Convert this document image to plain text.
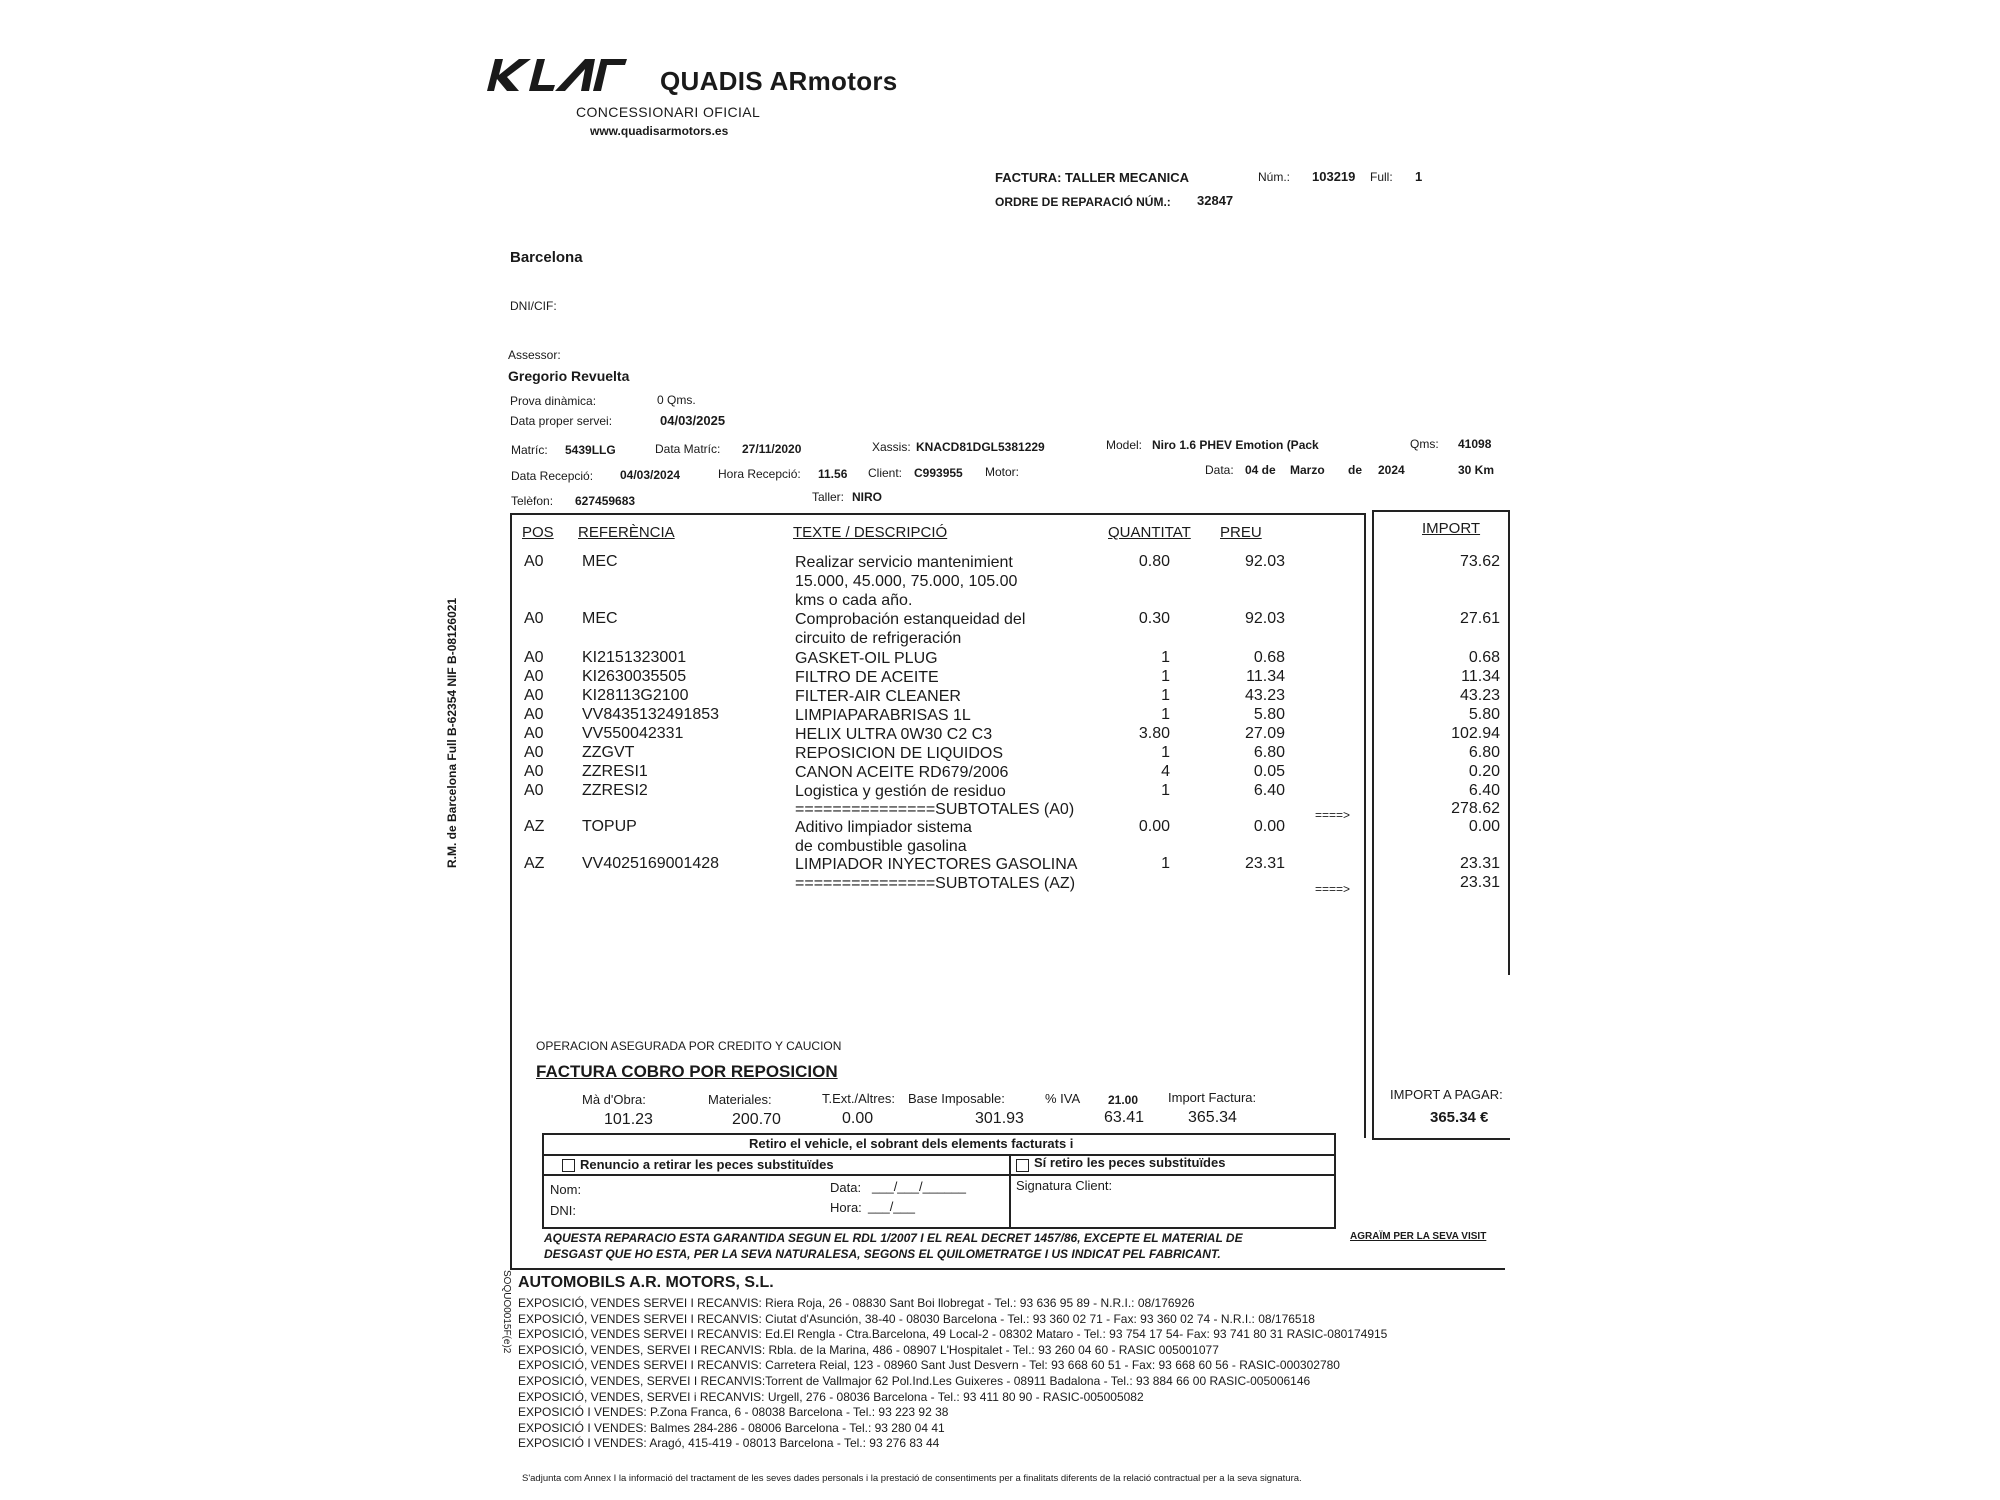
QUADIS ARmotors
CONCESSIONARI OFICIAL
www.quadisarmotors.es
FACTURA: TALLER MECANICA	Núm.: 103219 Full: 1
ORDRE DE REPARACIÓ NÚM.: 32847
Barcelona
DNI/CIF:
Assessor:
Gregorio Revuelta
Prova dinàmica:	0 Qms.
Data proper servei:	04/03/2025
Matríc: 5439LLG	Data Matríc: 27/11/2020	Xassis: KNACD81DGL5381229	Model: Niro 1.6 PHEV Emotion (Pack	Qms: 41098
Data Recepció: 04/03/2024	Hora Recepció: 11.56 Client: C993955 Motor:	Data: 04 de Marzo de 2024	30 Km
Telèfon: 627459683	Taller: NIRO
POS REFERÈNCIA	TEXTE / DESCRIPCIÓ	QUANTITAT PREU	IMPORT
A0 MEC	Realizar servicio mantenimient
15.000, 45.000, 75.000, 105.00
kms o cada año.
0.80	92.03	73.62
A0 MEC	Comprobación estanqueidad del
circuito de refrigeración
0.30	92.03	27.61
A0 KI2151323001	GASKET-OIL PLUG	1	0.68	0.68
A0 KI2630035505	FILTRO DE ACEITE	1	11.34	11.34
A0 KI28113G2100	FILTER-AIR CLEANER	1	43.23	43.23
A0 VV8435132491853	LIMPIAPARABRISAS 1L	1	5.80	5.80
A0 VV550042331	HELIX ULTRA 0W30 C2 C3	3.80	27.09	102.94
A0 ZZGVT	REPOSICION DE LIQUIDOS	1	6.80	6.80
A0 ZZRESI1	CANON ACEITE RD679/2006	4	0.05	0.20
A0 ZZRESI2	Logistica y gestión de residuo	1	6.40	6.40
===============SUBTOTALES (A0)	====>	278.62
AZ TOPUP	Aditivo limpiador sistema
de combustible gasolina
0.00	0.00	0.00
AZ VV4025169001428	LIMPIADOR INYECTORES GASOLINA	1	23.31	23.31
===============SUBTOTALES (AZ)	====>	23.31
OPERACION ASEGURADA POR CREDITO Y CAUCION
FACTURA COBRO POR REPOSICION
Mà d'Obra:
101.23
Materiales:
200.70
T.Ext./Altres:
0.00
Base Imposable:
301.93
% IVA 21.00
63.41
Import Factura:
365.34
IMPORT A PAGAR:
365.34 €
AQUESTA REPARACIO ESTA GARANTIDA SEGUN EL RDL 1/2007 I EL REAL DECRET 1457/86, EXCEPTE EL MATERIAL DE
DESGAST QUE HO ESTA, PER LA SEVA NATURALESA, SEGONS EL QUILOMETRATGE I US INDICAT PEL FABRICANT.
AGRAÏM PER LA SEVA VISIT
Retiro el vehicle, el sobrant dels elements facturats i
Renuncio a retirar les peces substituïdes	Sí retiro les peces substituïdes
Nom:
DNI:
Data: ___/___/______
Hora: ___/___
Signatura Client:
R.M. de Barcelona Full B-62354 NIF B-08126021
SOQUO0015F(e)2 AUTOMOBILS A.R. MOTORS, S.L.
EXPOSICIÓ, VENDES SERVEI I RECANVIS: Riera Roja, 26 - 08830 Sant Boi llobregat - Tel.: 93 636 95 89 - N.R.I.: 08/176926
EXPOSICIÓ, VENDES SERVEI I RECANVIS: Ciutat d'Asunción, 38-40 - 08030 Barcelona - Tel.: 93 360 02 71 - Fax: 93 360 02 74 - N.R.I.: 08/176518
EXPOSICIÓ, VENDES SERVEI I RECANVIS: Ed.El Rengla - Ctra.Barcelona, 49 Local-2 - 08302 Mataro - Tel.: 93 754 17 54- Fax: 93 741 80 31 RASIC-080174915
EXPOSICIÓ, VENDES, SERVEI I RECANVIS: Rbla. de la Marina, 486 - 08907 L'Hospitalet - Tel.: 93 260 04 60 - RASIC 005001077
EXPOSICIÓ, VENDES SERVEI I RECANVIS: Carretera Reial, 123 - 08960 Sant Just Desvern - Tel: 93 668 60 51 - Fax: 93 668 60 56 - RASIC-000302780
EXPOSICIÓ, VENDES, SERVEI I RECANVIS:Torrent de Vallmajor 62 Pol.Ind.Les Guixeres - 08911 Badalona - Tel.: 93 884 66 00 RASIC-005006146
EXPOSICIÓ, VENDES, SERVEI i RECANVIS: Urgell, 276 - 08036 Barcelona - Tel.: 93 411 80 90 - RASIC-005005082
EXPOSICIÓ I VENDES: P.Zona Franca, 6 - 08038 Barcelona - Tel.: 93 223 92 38
EXPOSICIÓ I VENDES: Balmes 284-286 - 08006 Barcelona - Tel.: 93 280 04 41
EXPOSICIÓ I VENDES: Aragó, 415-419 - 08013 Barcelona - Tel.: 93 276 83 44
S'adjunta com Annex I la informació del tractament de les seves dades personals i la prestació de consentiments per a finalitats diferents de la relació contractual per a la seva signatura.
